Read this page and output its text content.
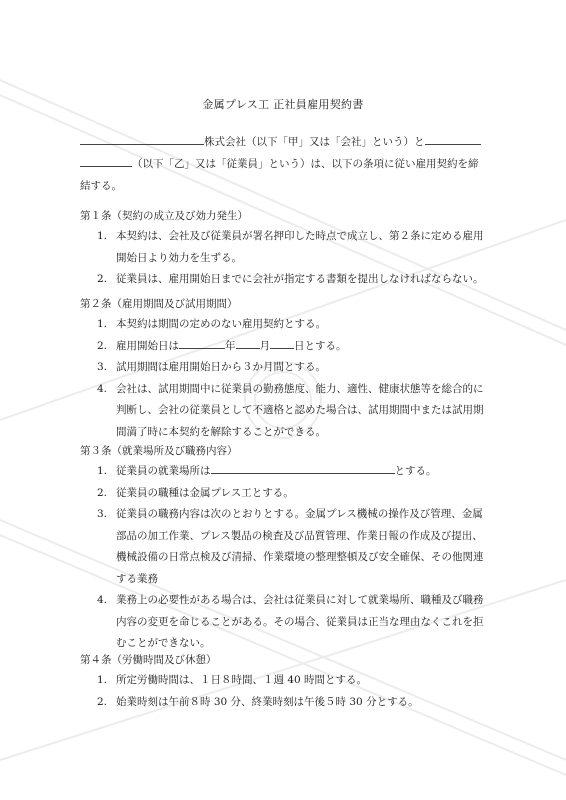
金属プレス工 正社員雇用契約書
株式会社（以下「甲」又は「会社」という）と
（以下「乙」又は「従業員」という）は、以下の条項に従い雇用契約を締
結する。
第１条（契約の成立及び効力発生）
1. 本契約は、会社及び従業員が署名押印した時点で成立し、第２条に定める雇用
開始日より効力を生ずる。
2. 従業員は、雇用開始日までに会社が指定する書類を提出しなければならない。
第２条（雇用期間及び試用期間）
1. 本契約は期間の定めのない雇用契約とする。
2. 雇用開始日は	年 月 日とする。
3. 試用期間は雇用開始日から３か月間とする。
4. 会社は、試用期間中に従業員の勤務態度、能力、適性、健康状態等を総合的に
判断し、会社の従業員として不適格と認めた場合は、試用期間中または試用期
間満了時に本契約を解除することができる。
第３条（就業場所及び職務内容）
1. 従業員の就業場所は	とする。
2. 従業員の職種は金属プレス工とする。
3. 従業員の職務内容は次のとおりとする。金属プレス機械の操作及び管理、金属
部品の加工作業、プレス製品の検査及び品質管理、作業日報の作成及び提出、
機械設備の日常点検及び清掃、作業環境の整理整頓及び安全確保、その他関連
する業務
4. 業務上の必要性がある場合は、会社は従業員に対して就業場所、職種及び職務
内容の変更を命じることがある。その場合、従業員は正当な理由なくこれを拒
むことができない。
第４条（労働時間及び休憩）
1. 所定労働時間は、１日８時間、１週 40 時間とする。
2. 始業時刻は午前８時 30 分、終業時刻は午後５時 30 分とする。
